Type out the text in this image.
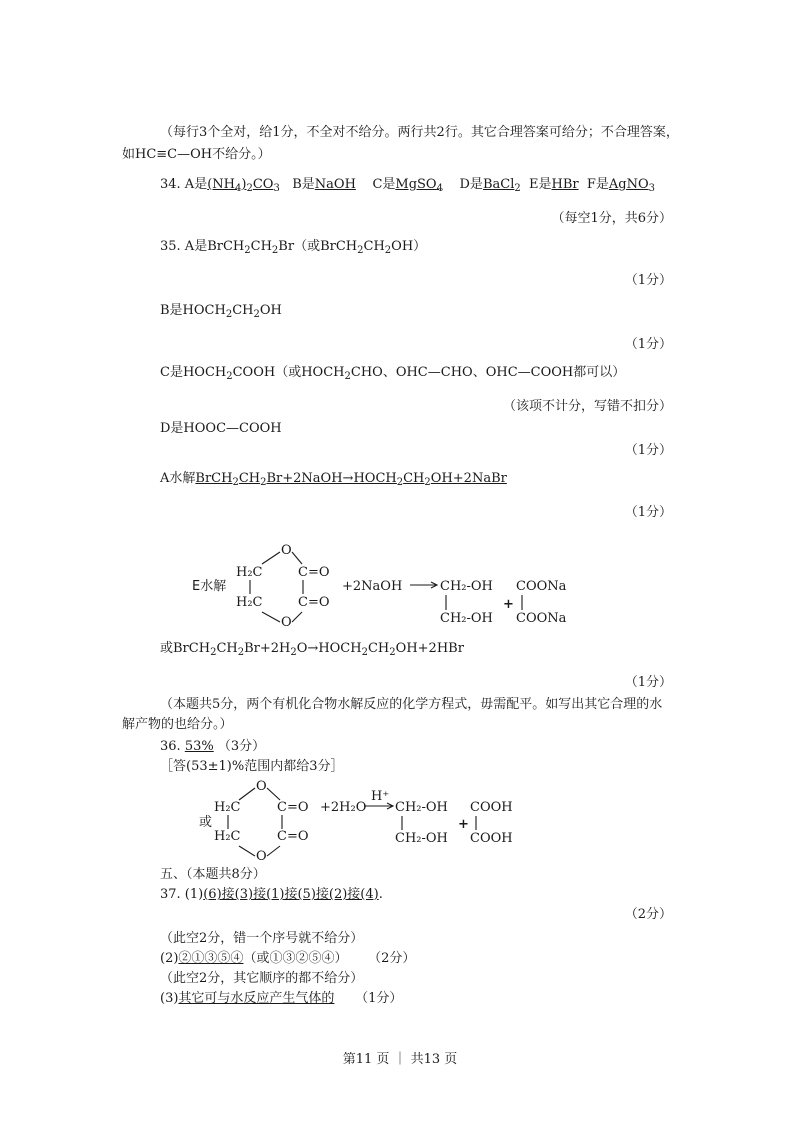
（每行3个全对，给1分，不全对不给分。两行共2行。其它合理答案可给分；不合理答案，
如HC≡C—OH不给分。）
34. A是$(NH_4)_2CO_3$ B是NaOH C是MgSO$_4$ D是BaCl$_2$ E是HBr F是AgNO$_3$
（每空1分，共6分）
35. A是$BrCH_2CH_2Br$（或$BrCH_2CH_2OH$）
（1分）
B是$HOCH_2CH_2OH$
（1分）
C是$HOCH_2COOH$（或$HOCH_2CHO$、OHC—CHO、OHC—COOH都可以）
（该项不计分，写错不扣分）
D是HOOC—COOH
（1分）
A水解$BrCH_2CH_2Br+2NaOH\to HOCH_2CH_2OH+2NaBr$
（1分）
E水解
O
H₂C	C=O
H₂C	C=O
O
+2NaOH	CH₂-OH
CH₂-OH
+
COONa
COONa
或
O
H₂C	C=O
H₂C	C=O
O
+2H₂O
H⁺
CH₂-OH
CH₂-OH
+
COOH
COOH
或$BrCH_2CH_2Br+2H_2O\to HOCH_2CH_2OH+2HBr$
（1分）
（本题共5分，两个有机化合物水解反应的化学方程式，毋需配平。如写出其它合理的水
解产物的也给分。）
36. 53% （3分）
［答(53±1)%范围内都给3分］
五、（本题共8分）
37. (1)(6)接(3)接(1)接(5)接(2)接(4).
（2分）
（此空2分，错一个序号就不给分）
(2)②①③⑤④（或①③②⑤④） （2分）
（此空2分，其它顺序的都不给分）
(3)其它可与水反应产生气体的 （1分）
第11 页 ｜ 共13 页
